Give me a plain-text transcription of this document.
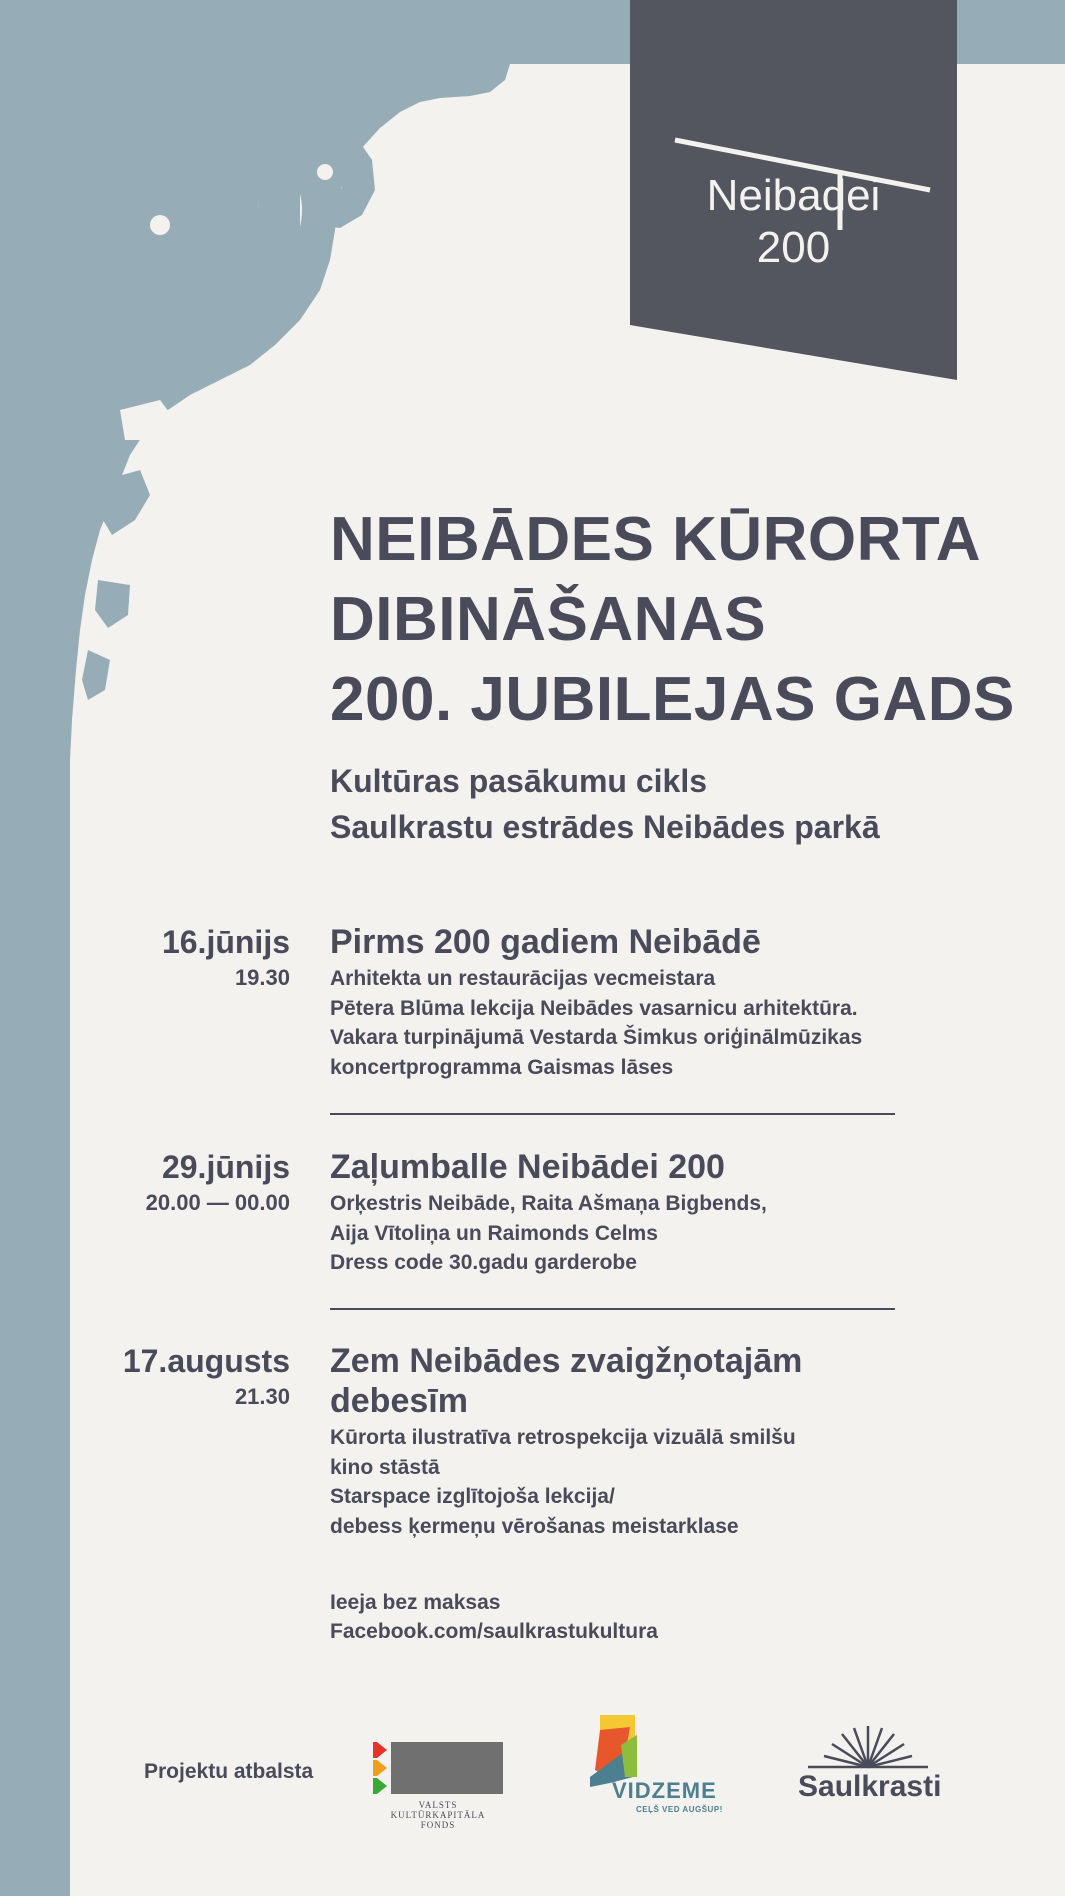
Neibadei
200
NEIBĀDES KŪRORTA
DIBINĀŠANAS
200. JUBILEJAS GADS
Kultūras pasākumu cikls
Saulkrastu estrādes Neibādes parkā
16.jūnijs
19.30
Pirms 200 gadiem Neibādē
Arhitekta un restaurācijas vecmeistara
Pētera Blūma lekcija Neibādes vasarnicu arhitektūra.
Vakara turpinājumā Vestarda Šimkus oriģinālmūzikas
koncertprogramma Gaismas lāses
29.jūnijs
20.00 — 00.00
Zaļumballe Neibādei 200
Orķestris Neibāde, Raita Ašmaņa Bigbends,
Aija Vītoliņa un Raimonds Celms
Dress code 30.gadu garderobe
17.augusts
21.30
Zem Neibādes zvaigžņotajām
debesīm
Kūrorta ilustratīva retrospekcija vizuālā smilšu
kino stāstā
Starspace izglītojoša lekcija/
debess ķermeņu vērošanas meistarklase
Ieeja bez maksas
Facebook.com/saulkrastukultura
Projektu atbalsta
VALSTS
KULTŪRKAPITĀLA FONDS
VIDZEME
CEĻŠ VED AUGŠUP!
Saulkrasti
